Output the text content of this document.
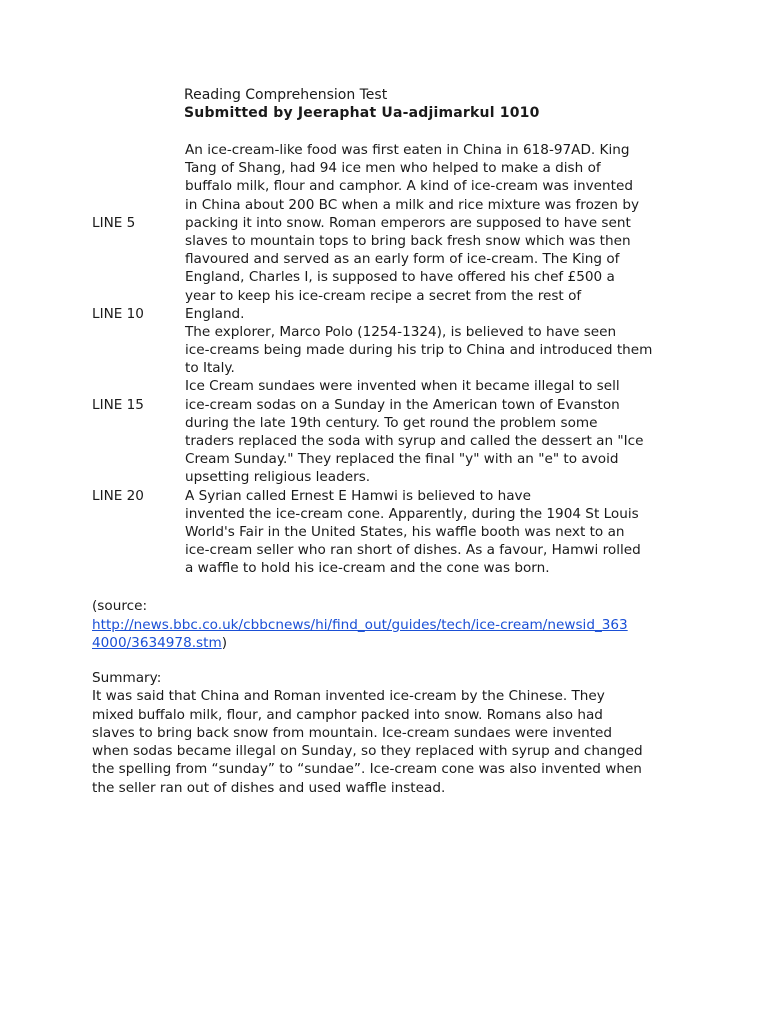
Reading Comprehension Test
Submitted by Jeeraphat Ua-adjimarkul 1010
An ice-cream-like food was first eaten in China in 618-97AD. King
Tang of Shang, had 94 ice men who helped to make a dish of
buffalo milk, flour and camphor. A kind of ice-cream was invented
in China about 200 BC when a milk and rice mixture was frozen by
LINE 5	packing it into snow. Roman emperors are supposed to have sent
slaves to mountain tops to bring back fresh snow which was then
flavoured and served as an early form of ice-cream. The King of
England, Charles I, is supposed to have offered his chef £500 a
year to keep his ice-cream recipe a secret from the rest of
LINE 10	England.
The explorer, Marco Polo (1254-1324), is believed to have seen
ice-creams being made during his trip to China and introduced them
to Italy.
Ice Cream sundaes were invented when it became illegal to sell
LINE 15	ice-cream sodas on a Sunday in the American town of Evanston
during the late 19th century. To get round the problem some
traders replaced the soda with syrup and called the dessert an "Ice
Cream Sunday." They replaced the final "y" with an "e" to avoid
upsetting religious leaders.
LINE 20	A Syrian called Ernest E Hamwi is believed to have
invented the ice-cream cone. Apparently, during the 1904 St Louis
World's Fair in the United States, his waffle booth was next to an
ice-cream seller who ran short of dishes. As a favour, Hamwi rolled
a waffle to hold his ice-cream and the cone was born.
(source:
http://news.bbc.co.uk/cbbcnews/hi/find_out/guides/tech/ice-cream/newsid_363
4000/3634978.stm)
Summary:
It was said that China and Roman invented ice-cream by the Chinese. They
mixed buffalo milk, flour, and camphor packed into snow. Romans also had
slaves to bring back snow from mountain. Ice-cream sundaes were invented
when sodas became illegal on Sunday, so they replaced with syrup and changed
the spelling from “sunday” to “sundae”. Ice-cream cone was also invented when
the seller ran out of dishes and used waffle instead.
